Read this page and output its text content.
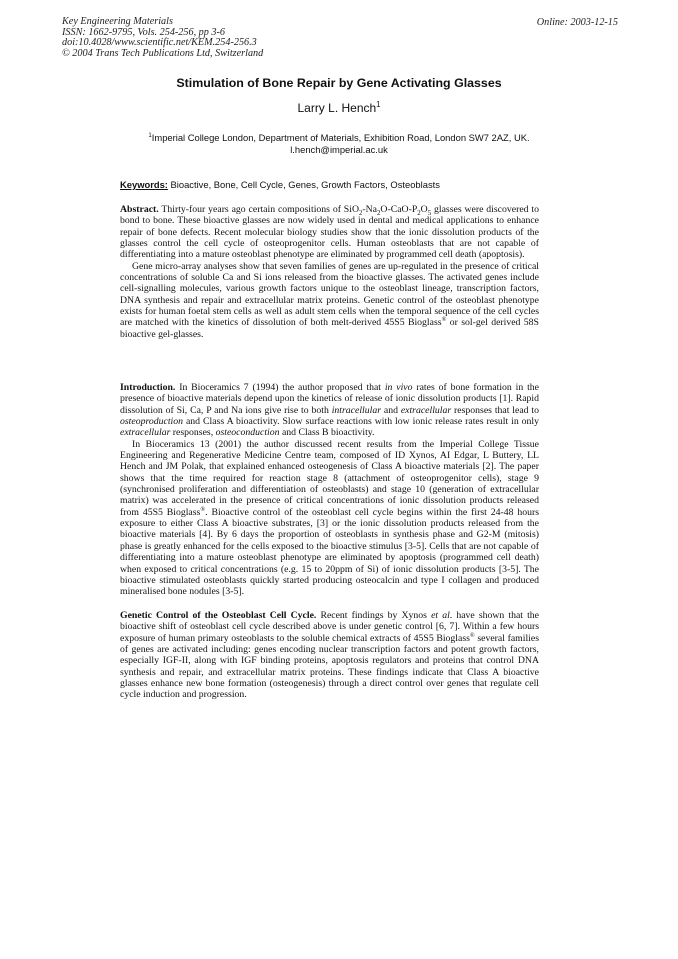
Key Engineering Materials
ISSN: 1662-9795, Vols. 254-256, pp 3-6
doi:10.4028/www.scientific.net/KEM.254-256.3
© 2004 Trans Tech Publications Ltd, Switzerland
Online: 2003-12-15
Stimulation of Bone Repair by Gene Activating Glasses
Larry L. Hench$^1$
$^1$Imperial College London, Department of Materials, Exhibition Road, London SW7 2AZ, UK.
l.hench@imperial.ac.uk
Keywords: Bioactive, Bone, Cell Cycle, Genes, Growth Factors, Osteoblasts

Abstract. Thirty-four years ago certain compositions of $SiO_2-Na_2O-CaO-P_2O_5$ glasses were discovered to bond to bone. These bioactive glasses are now widely used in dental and medical applications to enhance repair of bone defects. Recent molecular biology studies show that the ionic dissolution products of the glasses control the cell cycle of osteoprogenitor cells. Human osteoblasts that are not capable of differentiating into a mature osteoblast phenotype are eliminated by programmed cell death (apoptosis).

Gene micro-array analyses show that seven families of genes are up-regulated in the presence of critical concentrations of soluble Ca and Si ions released from the bioactive glasses. The activated genes include cell-signalling molecules, various growth factors unique to the osteoblast lineage, transcription factors, DNA synthesis and repair and extracellular matrix proteins. Genetic control of the osteoblast phenotype exists for human foetal stem cells as well as adult stem cells when the temporal sequence of the cell cycles are matched with the kinetics of dissolution of both melt-derived 45S5 Bioglass® or sol-gel derived 58S bioactive gel-glasses.

Introduction. In Bioceramics 7 (1994) the author proposed that in vivo rates of bone formation in the presence of bioactive materials depend upon the kinetics of release of ionic dissolution products [1]. Rapid dissolution of Si, Ca, P and Na ions give rise to both intracellular and extracellular responses that lead to osteoproduction and Class A bioactivity. Slow surface reactions with low ionic release rates result in only extracellular responses, osteoconduction and Class B bioactivity.

In Bioceramics 13 (2001) the author discussed recent results from the Imperial College Tissue Engineering and Regenerative Medicine Centre team, composed of ID Xynos, AI Edgar, L Buttery, LL Hench and JM Polak, that explained enhanced osteogenesis of Class A bioactive materials [2]. The paper shows that the time required for reaction stage 8 (attachment of osteoprogenitor cells), stage 9 (synchronised proliferation and differentiation of osteoblasts) and stage 10 (generation of extracellular matrix) was accelerated in the presence of critical concentrations of ionic dissolution products released from 45S5 Bioglass®. Bioactive control of the osteoblast cell cycle begins within the first 24-48 hours exposure to either Class A bioactive substrates, [3] or the ionic dissolution products released from the bioactive materials [4]. By 6 days the proportion of osteoblasts in synthesis phase and G2-M (mitosis) phase is greatly enhanced for the cells exposed to the bioactive stimulus [3-5]. Cells that are not capable of differentiating into a mature osteoblast phenotype are eliminated by apoptosis (programmed cell death) when exposed to critical concentrations (e.g. 15 to 20ppm of Si) of ionic dissolution products [3-5]. The bioactive stimulated osteoblasts quickly started producing osteocalcin and type I collagen and produced mineralised bone nodules [3-5].

Genetic Control of the Osteoblast Cell Cycle. Recent findings by Xynos et al. have shown that the bioactive shift of osteoblast cell cycle described above is under genetic control [6, 7]. Within a few hours exposure of human primary osteoblasts to the soluble chemical extracts of 45S5 Bioglass® several families of genes are activated including: genes encoding nuclear transcription factors and potent growth factors, especially IGF-II, along with IGF binding proteins, apoptosis regulators and proteins that control DNA synthesis and repair, and extracellular matrix proteins. These findings indicate that Class A bioactive glasses enhance new bone formation (osteogenesis) through a direct control over genes that regulate cell cycle induction and progression.
